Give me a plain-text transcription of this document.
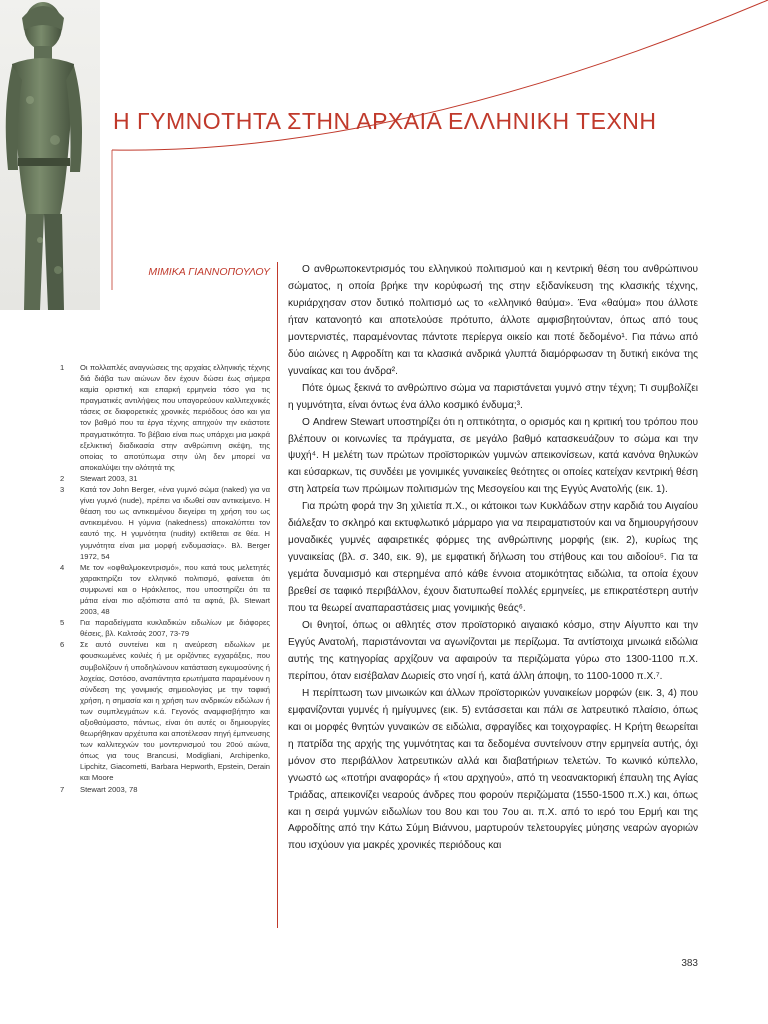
Η ΓΥΜΝΟΤΗΤΑ ΣΤΗΝ ΑΡΧΑΙΑ ΕΛΛΗΝΙΚΗ ΤΕΧΝΗ
ΜΙΜΙΚΑ ΓΙΑΝΝΟΠΟΥΛΟΥ
1	Οι πολλαπλές αναγνώσεις της αρχαίας ελληνικής τέχνης διά διάβα των αιώνων δεν έχουν δώσει έως σήμερα καμία οριστική και επαρκή ερμηνεία τόσο για τις πραγματικές αντιλήψεις που υπαγορεύουν καλλιτεχνικές τάσεις σε διαφορετικές χρονικές περιόδους όσο και για τον βαθμό που τα έργα τέχνης απηχούν την εκάστοτε πραγματικότητα. Το βέβαιο είναι πως υπάρχει μια μακρά εξελικτική διαδικασία στην ανθρώπινη σκέψη, της οποίας το αποτύπωμα στην ύλη δεν μπορεί να αποκαλύψει την ολότητά της
2	Stewart 2003, 31
3	Κατά τον John Berger, «ένα γυμνό σώμα (naked) για να γίνει γυμνό (nude), πρέπει να ιδωθεί σαν αντικείμενο. Η θέαση του ως αντικειμένου διεγείρει τη χρήση του ως αντικειμένου. Η γύμνια (nakedness) αποκαλύπτει τον εαυτό της. Η γυμνότητα (nudity) εκτίθεται σε θέα. Η γυμνότητα είναι μια μορφή ενδυμασίας». Βλ. Berger 1972, 54
4	Με τον «οφθαλμοκεντρισμό», που κατά τους μελετητές χαρακτηρίζει τον ελληνικό πολιτισμό, φαίνεται ότι συμφωνεί και ο Ηράκλειτος, που υποστηρίζει ότι τα μάτια είναι πιο αξιόπιστα από τα αφτιά, βλ. Stewart 2003, 48
5	Για παραδείγματα κυκλαδικών ειδωλίων με διάφορες θέσεις, βλ. Καλτσάς 2007, 73-79
6	Σε αυτό συντείνει και η ανεύρεση ειδωλίων με φουσκωμένες κοιλιές ή με οριζόντιες εγχαράξεις, που συμβολίζουν ή υποδηλώνουν κατάσταση εγκυμοσύνης ή λοχείας. Ωστόσο, αναπάντητα ερωτήματα παραμένουν η σύνδεση της γονιμικής σημειολογίας με την ταφική χρήση, η σημασία και η χρήση των ανδρικών ειδώλων ή των συμπλεγμάτων κ.ά. Γεγονός αναμφισβήτητο και αξιοθαύμαστο, πάντως, είναι ότι αυτές οι δημιουργίες θεωρήθηκαν αρχέτυπα και αποτέλεσαν πηγή έμπνευσης των καλλιτεχνών του μοντερνισμού του 20ού αιώνα, όπως για τους Brancusi, Modigliani, Archipenko, Lipchitz, Giacometti, Barbara Hepworth, Epstein, Derain και Moore
7	Stewart 2003, 78

Ο ανθρωποκεντρισμός του ελληνικού πολιτισμού και η κεντρική θέση του ανθρώπινου σώματος, η οποία βρήκε την κορύφωσή της στην εξιδανίκευση της κλασικής τέχνης, κυριάρχησαν στον δυτικό πολιτισμό ως το «ελληνικό θαύμα». Ένα «θαύμα» που άλλοτε ήταν κατανοητό και αποτελούσε πρότυπο, άλλοτε αμφισβητούνταν, όπως από τους μοντερνιστές, παραμένοντας πάντοτε περίεργα οικείο και ποτέ δεδομένο¹. Για πάνω από δύο αιώνες η Αφροδίτη και τα κλασικά ανδρικά γλυπτά διαμόρφωσαν τη δυτική εικόνα της γυναίκας και του άνδρα².

Πότε όμως ξεκινά το ανθρώπινο σώμα να παριστάνεται γυμνό στην τέχνη; Τι συμβολίζει η γυμνότητα, είναι όντως ένα άλλο κοσμικό ένδυμα;³.

Ο Andrew Stewart υποστηρίζει ότι η οπτικότητα, ο ορισμός και η κριτική του τρόπου που βλέπουν οι κοινωνίες τα πράγματα, σε μεγάλο βαθμό κατασκευάζουν το σώμα και την ψυχή⁴. Η μελέτη των πρώτων προϊστορικών γυμνών απεικονίσεων, κατά κανόνα θηλυκών και εύσαρκων, τις συνδέει με γονιμικές γυναικείες θεότητες οι οποίες κατείχαν κεντρική θέση στη λατρεία των πρώιμων πολιτισμών της Μεσογείου και της Εγγύς Ανατολής (εικ. 1).

Για πρώτη φορά την 3η χιλιετία π.Χ., οι κάτοικοι των Κυκλάδων στην καρδιά του Αιγαίου διάλεξαν το σκληρό και εκτυφλωτικό μάρμαρο για να πειραματιστούν και να δημιουργήσουν μοναδικές γυμνές αφαιρετικές φόρμες της ανθρώπινης μορφής (εικ. 2), κυρίως της γυναικείας (βλ. σ. 340, εικ. 9), με εμφατική δήλωση του στήθους και του αιδοίου⁵. Για τα γεμάτα δυναμισμό και στερημένα από κάθε έννοια ατομικότητας ειδώλια, τα οποία έχουν βρεθεί σε ταφικό περιβάλλον, έχουν διατυπωθεί πολλές ερμηνείες, με επικρατέστερη αυτήν που τα θεωρεί αναπαραστάσεις μιας γονιμικής θεάς⁶.

Οι θνητοί, όπως οι αθλητές στον προϊστορικό αιγαιακό κόσμο, στην Αίγυπτο και την Εγγύς Ανατολή, παριστάνονται να αγωνίζονται με περίζωμα. Τα αντίστοιχα μινωικά ειδώλια αυτής της κατηγορίας αρχίζουν να αφαιρούν τα περιζώματα γύρω στο 1300-1100 π.Χ. περίπου, όταν εισέβαλαν Δωριείς στο νησί ή, κατά άλλη άποψη, το 1100-1000 π.Χ.⁷.

Η περίπτωση των μινωικών και άλλων προϊστορικών γυναικείων μορφών (εικ. 3, 4) που εμφανίζονται γυμνές ή ημίγυμνες (εικ. 5) εντάσσεται και πάλι σε λατρευτικό πλαίσιο, όπως και οι μορφές θνητών γυναικών σε ειδώλια, σφραγίδες και τοιχογραφίες. Η Κρήτη θεωρείται η πατρίδα της αρχής της γυμνότητας και τα δεδομένα συντείνουν στην ερμηνεία αυτής, όχι μόνον στο περιβάλλον λατρευτικών αλλά και διαβατήριων τελετών. Το κωνικό κύπελλο, γνωστό ως «ποτήρι αναφοράς» ή «του αρχηγού», από τη νεοανακτορική έπαυλη της Αγίας Τριάδας, απεικονίζει νεαρούς άνδρες που φορούν περιζώματα (1550-1500 π.Χ.) και, όπως και η σειρά γυμνών ειδωλίων του 8ου και του 7ου αι. π.Χ. από το ιερό του Ερμή και της Αφροδίτης από την Κάτω Σύμη Βιάννου, μαρτυρούν τελετουργίες μύησης νεαρών αγοριών που ισχύουν για μακρές χρονικές περιόδους και

383
